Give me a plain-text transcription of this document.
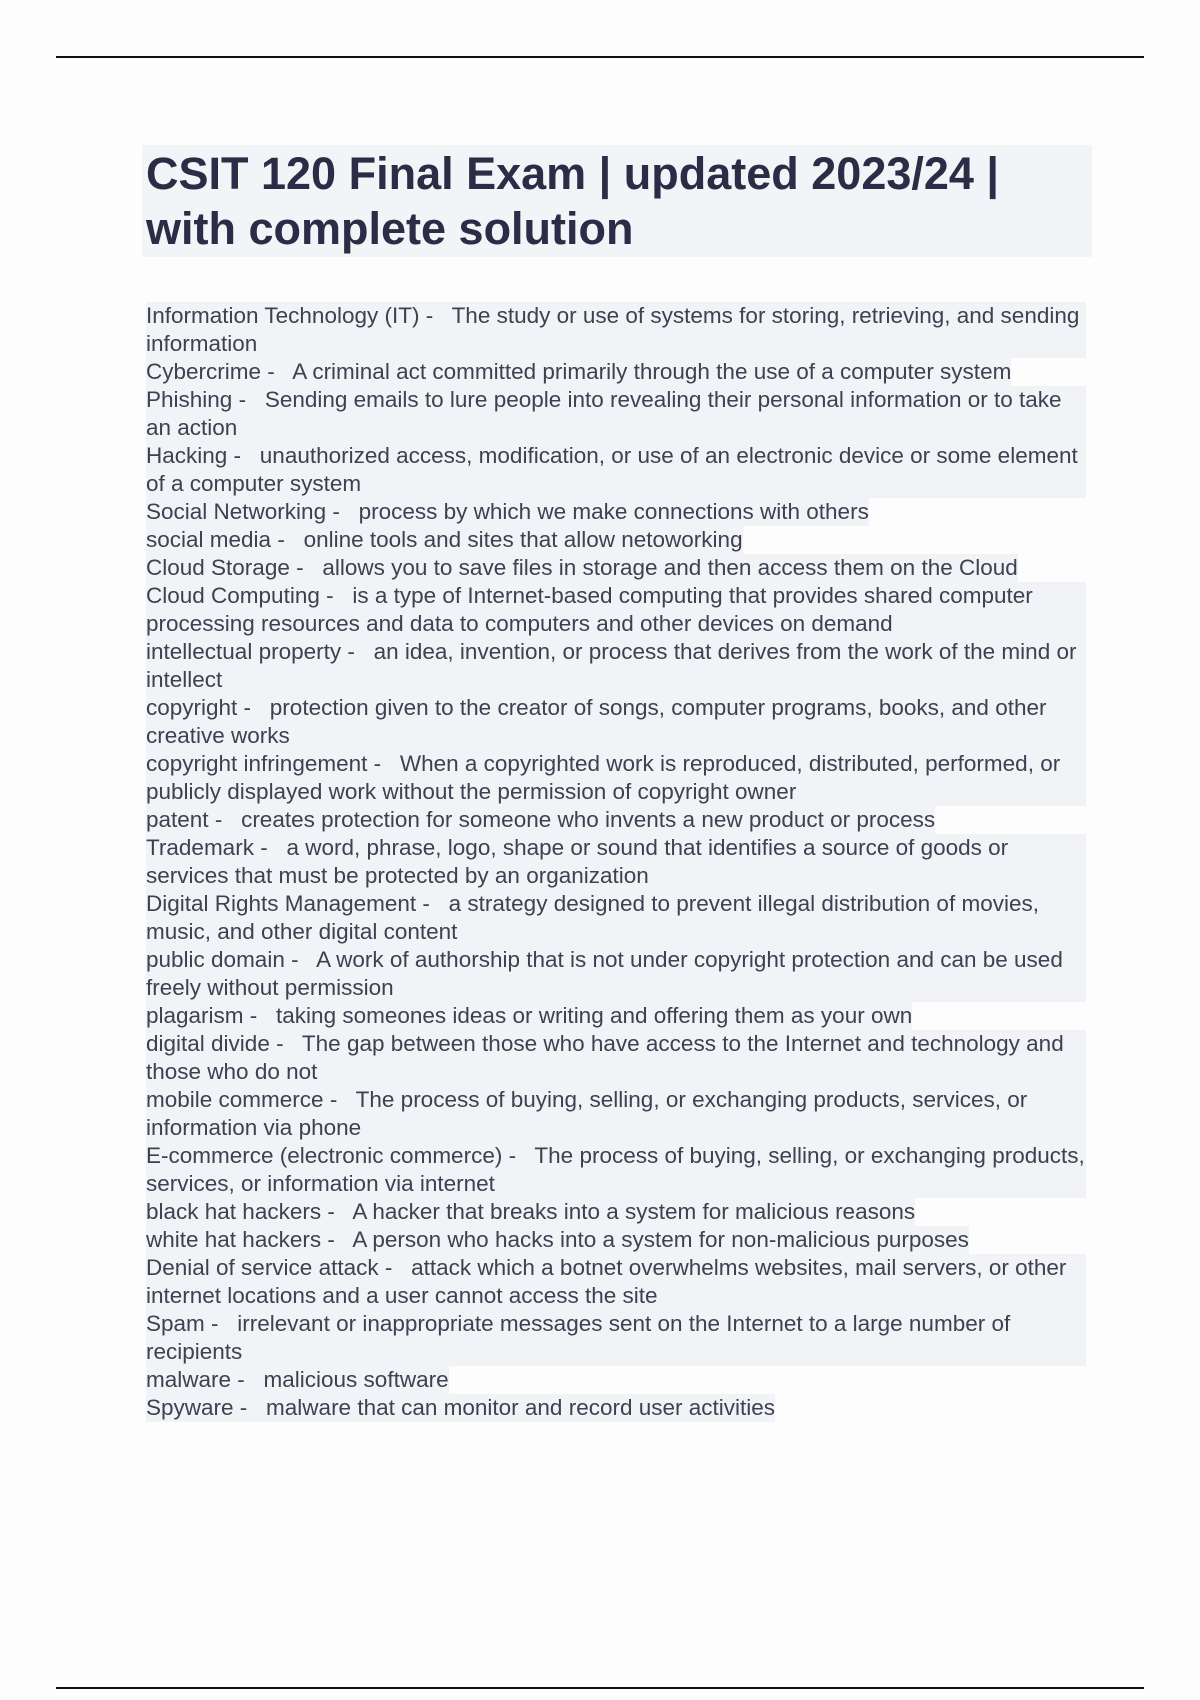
CSIT 120 Final Exam | updated 2023/24 | with complete solution
Information Technology (IT) -   The study or use of systems for storing, retrieving, and sending information
Cybercrime -   A criminal act committed primarily through the use of a computer system
Phishing -   Sending emails to lure people into revealing their personal information or to take an action
Hacking -   unauthorized access, modification, or use of an electronic device or some element of a computer system
Social Networking -   process by which we make connections with others
social media -   online tools and sites that allow netoworking
Cloud Storage -   allows you to save files in storage and then access them on the Cloud
Cloud Computing -   is a type of Internet-based computing that provides shared computer processing resources and data to computers and other devices on demand
intellectual property -   an idea, invention, or process that derives from the work of the mind or intellect
copyright -   protection given to the creator of songs, computer programs, books, and other creative works
copyright infringement -   When a copyrighted work is reproduced, distributed, performed, or publicly displayed work without the permission of copyright owner
patent -   creates protection for someone who invents a new product or process
Trademark -   a word, phrase, logo, shape or sound that identifies a source of goods or services that must be protected by an organization
Digital Rights Management -   a strategy designed to prevent illegal distribution of movies, music, and other digital content
public domain -   A work of authorship that is not under copyright protection and can be used freely without permission
plagarism -   taking someones ideas or writing and offering them as your own
digital divide -   The gap between those who have access to the Internet and technology and those who do not
mobile commerce -   The process of buying, selling, or exchanging products, services, or information via phone
E-commerce (electronic commerce) -   The process of buying, selling, or exchanging products, services, or information via internet
black hat hackers -   A hacker that breaks into a system for malicious reasons
white hat hackers -   A person who hacks into a system for non-malicious purposes
Denial of service attack -   attack which a botnet overwhelms websites, mail servers, or other internet locations and a user cannot access the site
Spam -   irrelevant or inappropriate messages sent on the Internet to a large number of recipients
malware -   malicious software
Spyware -   malware that can monitor and record user activities
